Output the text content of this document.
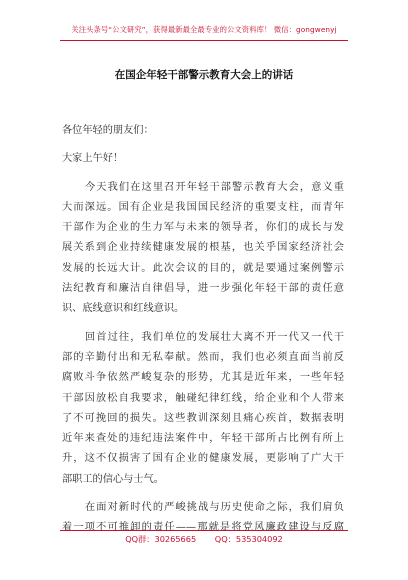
关注头条号“公文研究”，获得最新最全最专业的公文资料库！ 微信：gongwenyj
在国企年轻干部警示教育大会上的讲话
各位年轻的朋友们：
大家上午好！
今天我们在这里召开年轻干部警示教育大会，意义重
大而深远。国有企业是我国国民经济的重要支柱，而青年
干部作为企业的生力军与未来的领导者，你们的成长与发
展关系到企业持续健康发展的根基，也关乎国家经济社会
发展的长远大计。此次会议的目的，就是要通过案例警示
法纪教育和廉洁自律倡导，进一步强化年轻干部的责任意
识、底线意识和红线意识。
回首过往，我们单位的发展壮大离不开一代又一代干
部的辛勤付出和无私奉献。然而，我们也必须直面当前反
腐败斗争依然严峻复杂的形势，尤其是近年来，一些年轻
干部因放松自我要求，触碰纪律红线，给企业和个人带来
了不可挽回的损失。这些教训深刻且痛心疾首，数据表明
近年来查处的违纪违法案件中，年轻干部所占比例有所上
升，这不仅损害了国有企业的健康发展，更影响了广大干
部职工的信心与士气。
在面对新时代的严峻挑战与历史使命之际，我们肩负
着一项不可推卸的责任——那就是将党风廉政建设与反腐
QQ群：30265665 QQ：535304092
